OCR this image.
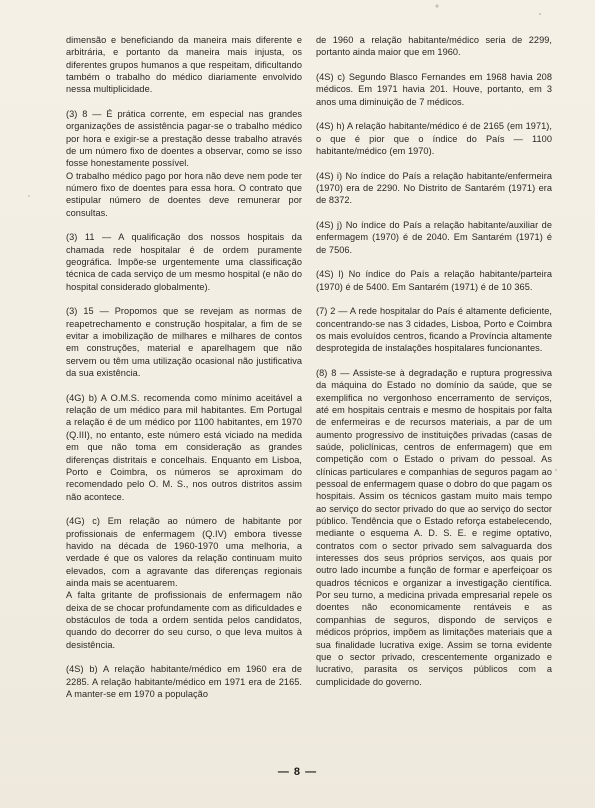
dimensão e beneficiando da maneira mais diferente e arbitrária, e portanto da maneira mais injusta, os diferentes grupos humanos a que respeitam, dificultando também o trabalho do médico diariamente envolvido nessa multiplicidade.

(3) 8 — É prática corrente, em especial nas grandes organizações de assistência pagar-se o trabalho médico por hora e exigir-se a prestação desse trabalho através de um número fixo de doentes a observar, como se isso fosse honestamente possível.

O trabalho médico pago por hora não deve nem pode ter número fixo de doentes para essa hora. O contrato que estipular número de doentes deve remunerar por consultas.

(3) 11 — A qualificação dos nossos hospitais da chamada rede hospitalar é de ordem puramente geográfica. Impõe-se urgentemente uma classificação técnica de cada serviço de um mesmo hospital (e não do hospital considerado globalmente).

(3) 15 — Propomos que se revejam as normas de reapetrechamento e construção hospitalar, a fim de se evitar a imobilização de milhares e milhares de contos em construções, material e aparelhagem que não servem ou têm uma utilização ocasional não justificativa da sua existência.

(4G) b) A O.M.S. recomenda como mínimo aceitável a relação de um médico para mil habitantes. Em Portugal a relação é de um médico por 1100 habitantes, em 1970 (Q.III), no entanto, este número está viciado na medida em que não toma em consideração as grandes diferenças distritais e concelhais. Enquanto em Lisboa, Porto e Coimbra, os números se aproximam do recomendado pelo O. M. S., nos outros distritos assim não acontece.

(4G) c) Em relação ao número de habitante por profissionais de enfermagem (Q.IV) embora tivesse havido na década de 1960-1970 uma melhoria, a verdade é que os valores da relação continuam muito elevados, com a agravante das diferenças regionais ainda mais se acentuarem.

A falta gritante de profissionais de enfermagem não deixa de se chocar profundamente com as dificuldades e obstáculos de toda a ordem sentida pelos candidatos, quando do decorrer do seu curso, o que leva muitos à desistência.

(4S) b) A relação habitante/médico em 1960 era de 2285. A relação habitante/médico em 1971 era de 2165. A manter-se em 1970 a população

de 1960 a relação habitante/médico seria de 2299, portanto ainda maior que em 1960.

(4S) c) Segundo Blasco Fernandes em 1968 havia 208 médicos. Em 1971 havia 201. Houve, portanto, em 3 anos uma diminuição de 7 médicos.

(4S) h) A relação habitante/médico é de 2165 (em 1971), o que é pior que o índice do País — 1100 habitante/médico (em 1970).

(4S) i) No índice do País a relação habitante/enfermeira (1970) era de 2290. No Distrito de Santarém (1971) era de 8372.

(4S) j) No índice do País a relação habitante/auxiliar de enfermagem (1970) é de 2040. Em Santarém (1971) é de 7506.

(4S) l) No índice do País a relação habitante/parteira (1970) é de 5400. Em Santarém (1971) é de 10 365.

(7) 2 — A rede hospitalar do País é altamente deficiente, concentrando-se nas 3 cidades, Lisboa, Porto e Coimbra os mais evoluídos centros, ficando a Província altamente desprotegida de instalações hospitalares funcionantes.

(8) 8 — Assiste-se à degradação e ruptura progressiva da máquina do Estado no domínio da saúde, que se exemplifica no vergonhoso encerramento de serviços, até em hospitais centrais e mesmo de hospitais por falta de enfermeiras e de recursos materiais, a par de um aumento progressivo de instituições privadas (casas de saúde, policlínicas, centros de enfermagem) que em competição com o Estado o privam do pessoal. As clínicas particulares e companhias de seguros pagam ao pessoal de enfermagem quase o dobro do que pagam os hospitais. Assim os técnicos gastam muito mais tempo ao serviço do sector privado do que ao serviço do sector público. Tendência que o Estado reforça estabelecendo, mediante o esquema A. D. S. E. e regime optativo, contratos com o sector privado sem salvaguarda dos interesses dos seus próprios serviços, aos quais por outro lado incumbe a função de formar e aperfeiçoar os quadros técnicos e organizar a investigação científica. Por seu turno, a medicina privada empresarial repele os doentes não economicamente rentáveis e as companhias de seguros, dispondo de serviços e médicos próprios, impõem as limitações materiais que a sua finalidade lucrativa exige. Assim se torna evidente que o sector privado, crescentemente organizado e lucrativo, parasita os serviços públicos com a cumplicidade do governo.

— 8 —
